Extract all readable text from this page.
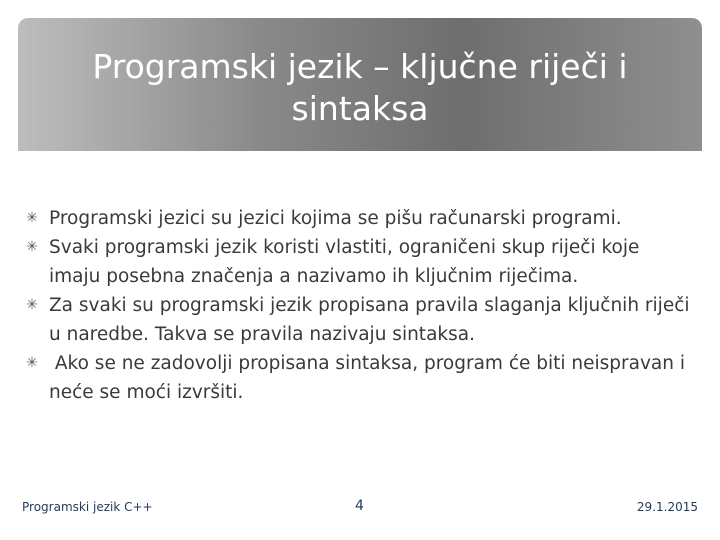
Programski jezik – ključne riječi i sintaksa
✳ Programski jezici su jezici kojima se pišu računarski programi.
✳ Svaki programski jezik koristi vlastiti, ograničeni skup riječi koje imaju posebna značenja a nazivamo ih ključnim riječima.
✳ Za svaki su programski jezik propisana pravila slaganja ključnih riječi u naredbe. Takva se pravila nazivaju sintaksa.
✳ Ako se ne zadovolji propisana sintaksa, program će biti neispravan i neće se moći izvršiti.
Programski jezik C++	4	29.1.2015
